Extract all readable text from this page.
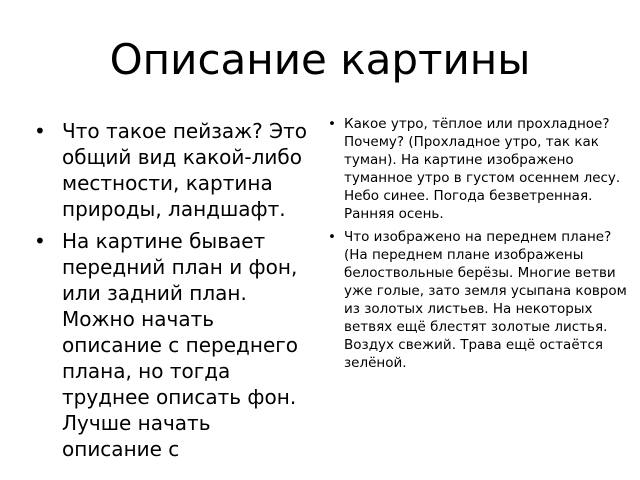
Описание картины
• Что такое пейзаж? Это общий вид какой-либо местности, картина природы, ландшафт.
• На картине бывает передний план и фон, или задний план. Можно начать описание с переднего плана, но тогда труднее описать фон. Лучше начать описание с
• Какое утро, тёплое или прохладное? Почему? (Прохладное утро, так как туман). На картине изображено туманное утро в густом осеннем лесу. Небо синее. Погода безветренная. Ранняя осень.
• Что изображено на переднем плане? (На переднем плане изображены белоствольные берёзы. Многие ветви уже голые, зато земля усыпана ковром из золотых листьев. На некоторых ветвях ещё блестят золотые листья. Воздух свежий. Трава ещё остаётся зелёной.
